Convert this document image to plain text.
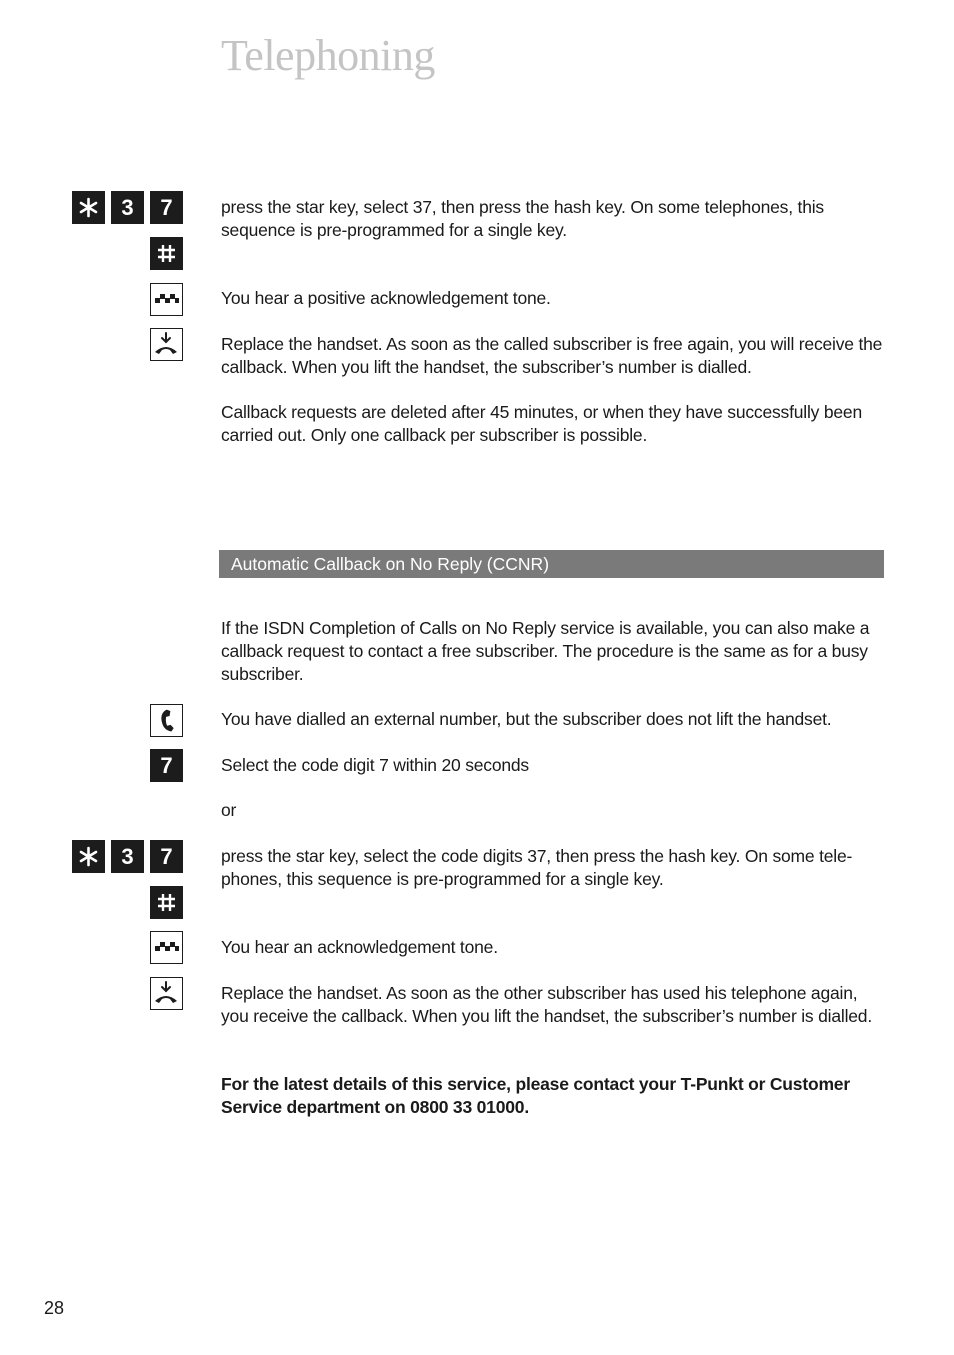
Telephoning
3	7	press the star key, select 37, then press the hash key. On some telephones, this sequence is pre-programmed for a single key.
You hear a positive acknowledgement tone.
Replace the handset. As soon as the called subscriber is free again, you will receive the callback. When you lift the handset, the subscriber’s number is dialled.
Callback requests are deleted after 45 minutes, or when they have successfully been carried out. Only one callback per subscriber is possible.
Automatic Callback on No Reply (CCNR)
If the ISDN Completion of Calls on No Reply service is available, you can also make a callback request to contact a free subscriber. The procedure is the same as for a busy subscriber.
You have dialled an external number, but the subscriber does not lift the handset.
7	Select the code digit 7 within 20 seconds
or
3	7	press the star key, select the code digits 37, then press the hash key. On some tele-phones, this sequence is pre-programmed for a single key.
You hear an acknowledgement tone.
Replace the handset. As soon as the other subscriber has used his telephone again, you receive the callback. When you lift the handset, the subscriber’s number is dialled.
For the latest details of this service, please contact your T-Punkt or Customer Service department on 0800 33 01000.
28
